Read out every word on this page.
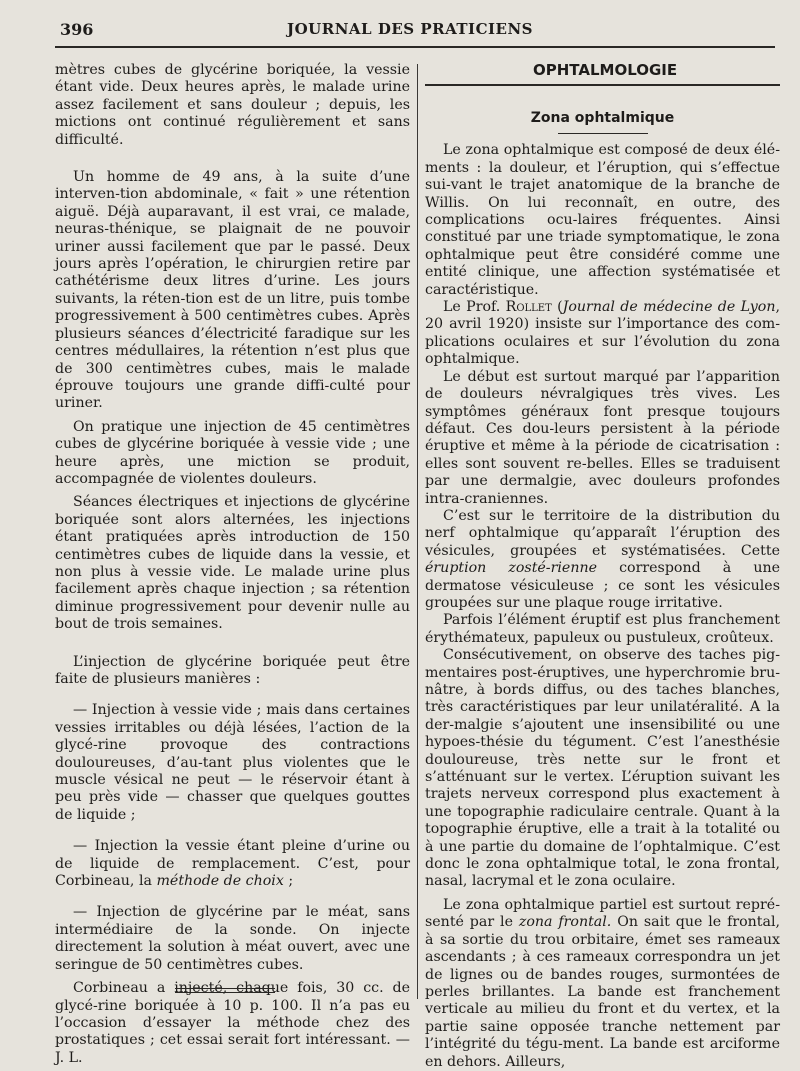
396	JOURNAL DES PRATICIENS

mètres cubes de glycérine boriquée, la vessie étant vide. Deux heures après, le malade urine assez facilement et sans douleur ; depuis, les mictions ont continué régulièrement et sans difficulté.

Un homme de 49 ans, à la suite d’une interven-tion abdominale, « fait » une rétention aiguë. Déjà auparavant, il est vrai, ce malade, neuras-thénique, se plaignait de ne pouvoir uriner aussi facilement que par le passé. Deux jours après l’opération, le chirurgien retire par cathétérisme deux litres d’urine. Les jours suivants, la réten-tion est de un litre, puis tombe progressivement à 500 centimètres cubes. Après plusieurs séances d’électricité faradique sur les centres médullaires, la rétention n’est plus que de 300 centimètres cubes, mais le malade éprouve toujours une grande diffi-culté pour uriner.

On pratique une injection de 45 centimètres cubes de glycérine boriquée à vessie vide ; une heure après, une miction se produit, accompagnée de violentes douleurs.

Séances électriques et injections de glycérine boriquée sont alors alternées, les injections étant pratiquées après introduction de 150 centimètres cubes de liquide dans la vessie, et non plus à vessie vide. Le malade urine plus facilement après chaque injection ; sa rétention diminue progressivement pour devenir nulle au bout de trois semaines.

L’injection de glycérine boriquée peut être faite de plusieurs manières :

— Injection à vessie vide ; mais dans certaines vessies irritables ou déjà lésées, l’action de la glycé-rine provoque des contractions douloureuses, d’au-tant plus violentes que le muscle vésical ne peut — le réservoir étant à peu près vide — chasser que quelques gouttes de liquide ;

— Injection la vessie étant pleine d’urine ou de liquide de remplacement. C’est, pour Corbineau, la méthode de choix ;

— Injection de glycérine par le méat, sans intermédiaire de la sonde. On injecte directement la solution à méat ouvert, avec une seringue de 50 centimètres cubes.

Corbineau a injecté, chaque fois, 30 cc. de glycé-rine boriquée à 10 p. 100. Il n’a pas eu l’occasion d’essayer la méthode chez des prostatiques ; cet essai serait fort intéressant. — J. L.

OPHTALMOLOGIE
Zona ophtalmique

Le zona ophtalmique est composé de deux élé-ments : la douleur, et l’éruption, qui s’effectue sui-vant le trajet anatomique de la branche de Willis. On lui reconnaît, en outre, des complications ocu-laires fréquentes. Ainsi constitué par une triade symptomatique, le zona ophtalmique peut être considéré comme une entité clinique, une affection systématisée et caractéristique.

Le Prof. Rollet (Journal de médecine de Lyon, 20 avril 1920) insiste sur l’importance des com-plications oculaires et sur l’évolution du zona ophtalmique.

Le début est surtout marqué par l’apparition de douleurs névralgiques très vives. Les symptômes généraux font presque toujours défaut. Ces dou-leurs persistent à la période éruptive et même à la période de cicatrisation : elles sont souvent re-belles. Elles se traduisent par une dermalgie, avec douleurs profondes intra-craniennes.

C’est sur le territoire de la distribution du nerf ophtalmique qu’apparaît l’éruption des vésicules, groupées et systématisées. Cette éruption zosté-rienne correspond à une dermatose vésiculeuse ; ce sont les vésicules groupées sur une plaque rouge irritative.

Parfois l’élément éruptif est plus franchement érythémateux, papuleux ou pustuleux, croûteux.

Consécutivement, on observe des taches pig-mentaires post-éruptives, une hyperchromie bru-nâtre, à bords diffus, ou des taches blanches, très caractéristiques par leur unilatéralité. A la der-malgie s’ajoutent une insensibilité ou une hypoes-thésie du tégument. C’est l’anesthésie douloureuse, très nette sur le front et s’atténuant sur le vertex. L’éruption suivant les trajets nerveux correspond plus exactement à une topographie radiculaire centrale. Quant à la topographie éruptive, elle a trait à la totalité ou à une partie du domaine de l’ophtalmique. C’est donc le zona ophtalmique total, le zona frontal, nasal, lacrymal et le zona oculaire.

Le zona ophtalmique partiel est surtout repré-senté par le zona frontal. On sait que le frontal, à sa sortie du trou orbitaire, émet ses rameaux ascendants ; à ces rameaux correspondra un jet de lignes ou de bandes rouges, surmontées de perles brillantes. La bande est franchement verticale au milieu du front et du vertex, et la partie saine opposée tranche nettement par l’intégrité du tégu-ment. La bande est arciforme en dehors. Ailleurs,
